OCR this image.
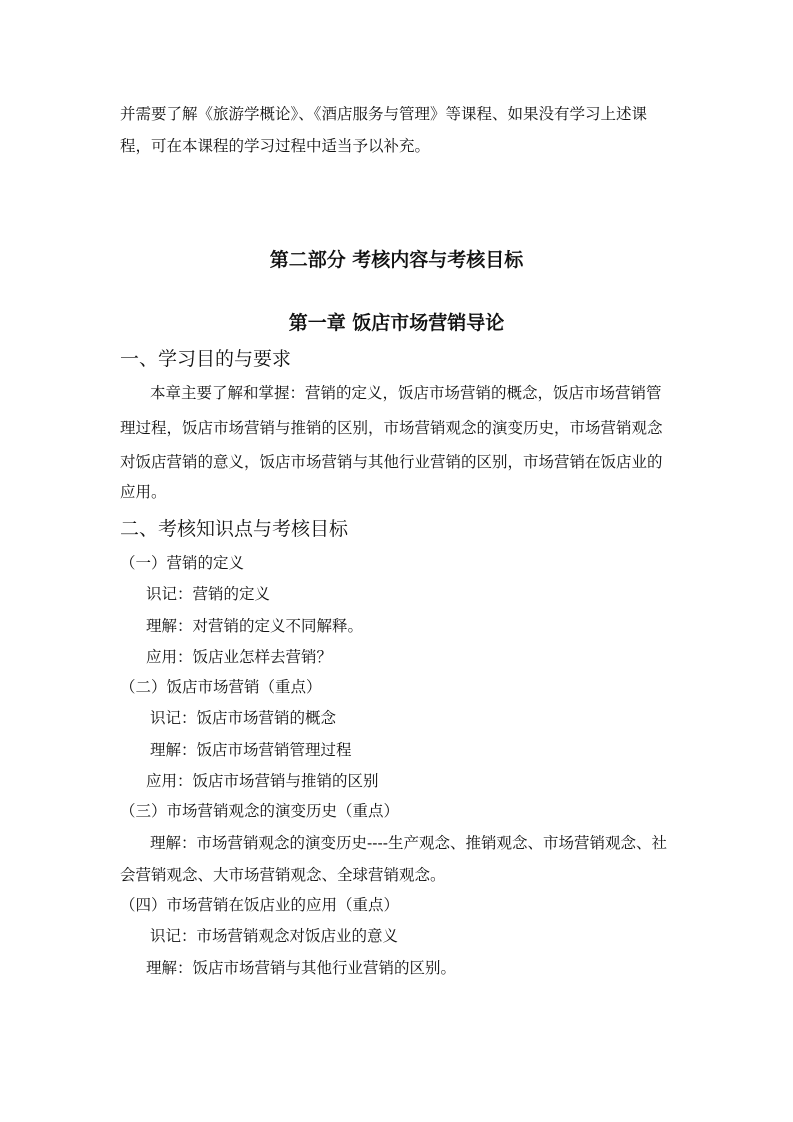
并需要了解《旅游学概论》、《酒店服务与管理》等课程、如果没有学习上述课
程，可在本课程的学习过程中适当予以补充。
第二部分 考核内容与考核目标
第一章 饭店市场营销导论
一、学习目的与要求
本章主要了解和掌握：营销的定义，饭店市场营销的概念，饭店市场营销管
理过程，饭店市场营销与推销的区别，市场营销观念的演变历史，市场营销观念
对饭店营销的意义，饭店市场营销与其他行业营销的区别，市场营销在饭店业的
应用。
二、考核知识点与考核目标
（一）营销的定义
识记：营销的定义
理解：对营销的定义不同解释。
应用：饭店业怎样去营销？
（二）饭店市场营销（重点）
识记：饭店市场营销的概念
理解：饭店市场营销管理过程
应用：饭店市场营销与推销的区别
（三）市场营销观念的演变历史（重点）
理解：市场营销观念的演变历史----生产观念、推销观念、市场营销观念、社
会营销观念、大市场营销观念、全球营销观念。
（四）市场营销在饭店业的应用（重点）
识记：市场营销观念对饭店业的意义
理解：饭店市场营销与其他行业营销的区别。
